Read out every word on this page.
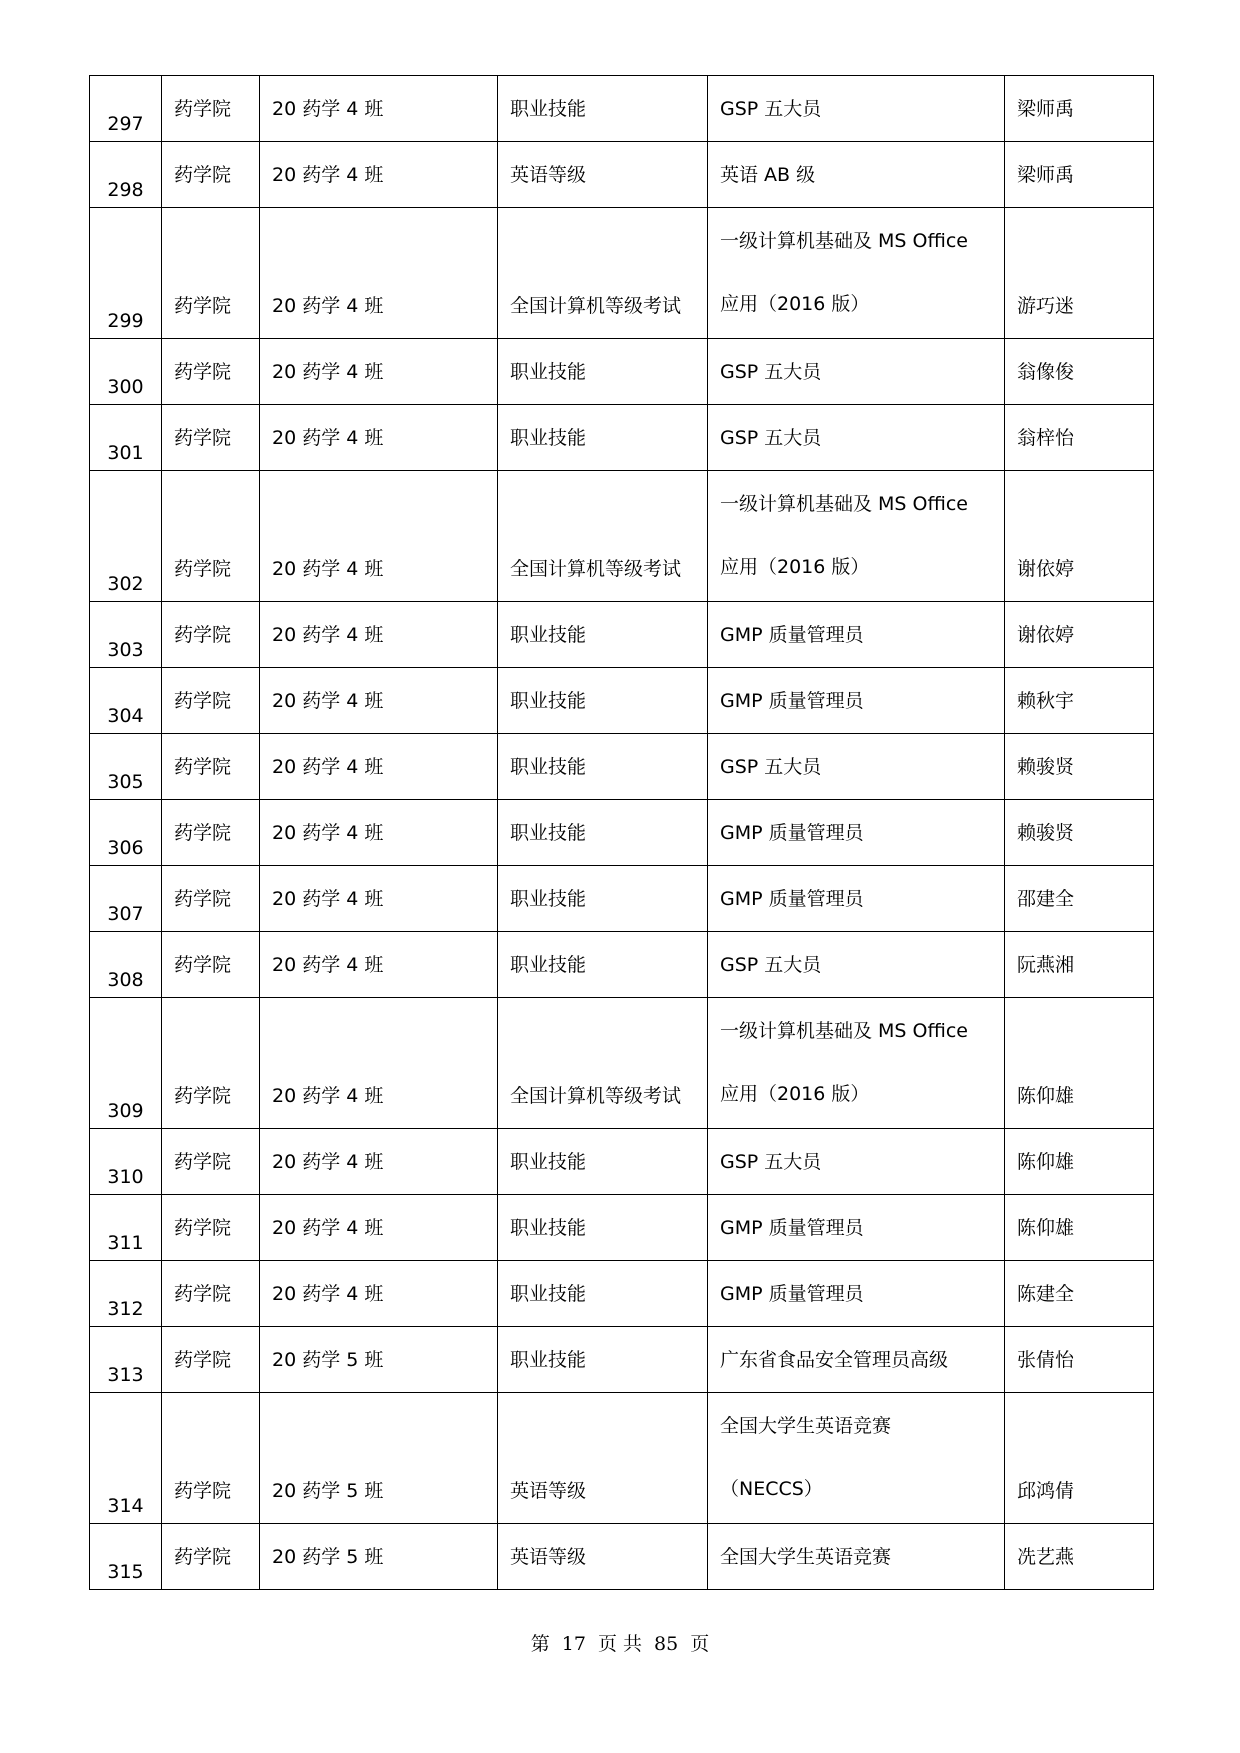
297	药学院	20 药学 4 班	职业技能	GSP 五大员	梁师禹

298	药学院	20 药学 4 班	英语等级	英语 AB 级	梁师禹

299	药学院	20 药学 4 班	全国计算机等级考试	一级计算机基础及 MS Office
应用（2016 版）	游巧迷

300	药学院	20 药学 4 班	职业技能	GSP 五大员	翁像俊

301	药学院	20 药学 4 班	职业技能	GSP 五大员	翁梓怡

302	药学院	20 药学 4 班	全国计算机等级考试	一级计算机基础及 MS Office
应用（2016 版）	谢依婷

303	药学院	20 药学 4 班	职业技能	GMP 质量管理员	谢依婷

304	药学院	20 药学 4 班	职业技能	GMP 质量管理员	赖秋宇

305	药学院	20 药学 4 班	职业技能	GSP 五大员	赖骏贤

306	药学院	20 药学 4 班	职业技能	GMP 质量管理员	赖骏贤

307	药学院	20 药学 4 班	职业技能	GMP 质量管理员	邵建全

308	药学院	20 药学 4 班	职业技能	GSP 五大员	阮燕湘

309	药学院	20 药学 4 班	全国计算机等级考试	一级计算机基础及 MS Office
应用（2016 版）	陈仰雄

310	药学院	20 药学 4 班	职业技能	GSP 五大员	陈仰雄

311	药学院	20 药学 4 班	职业技能	GMP 质量管理员	陈仰雄

312	药学院	20 药学 4 班	职业技能	GMP 质量管理员	陈建全

313	药学院	20 药学 5 班	职业技能	广东省食品安全管理员高级	张倩怡

314	药学院	20 药学 5 班	英语等级	全国大学生英语竞赛
（NECCS）	邱鸿倩

315	药学院	20 药学 5 班	英语等级	全国大学生英语竞赛	冼艺燕
第 17 页 共 85 页
